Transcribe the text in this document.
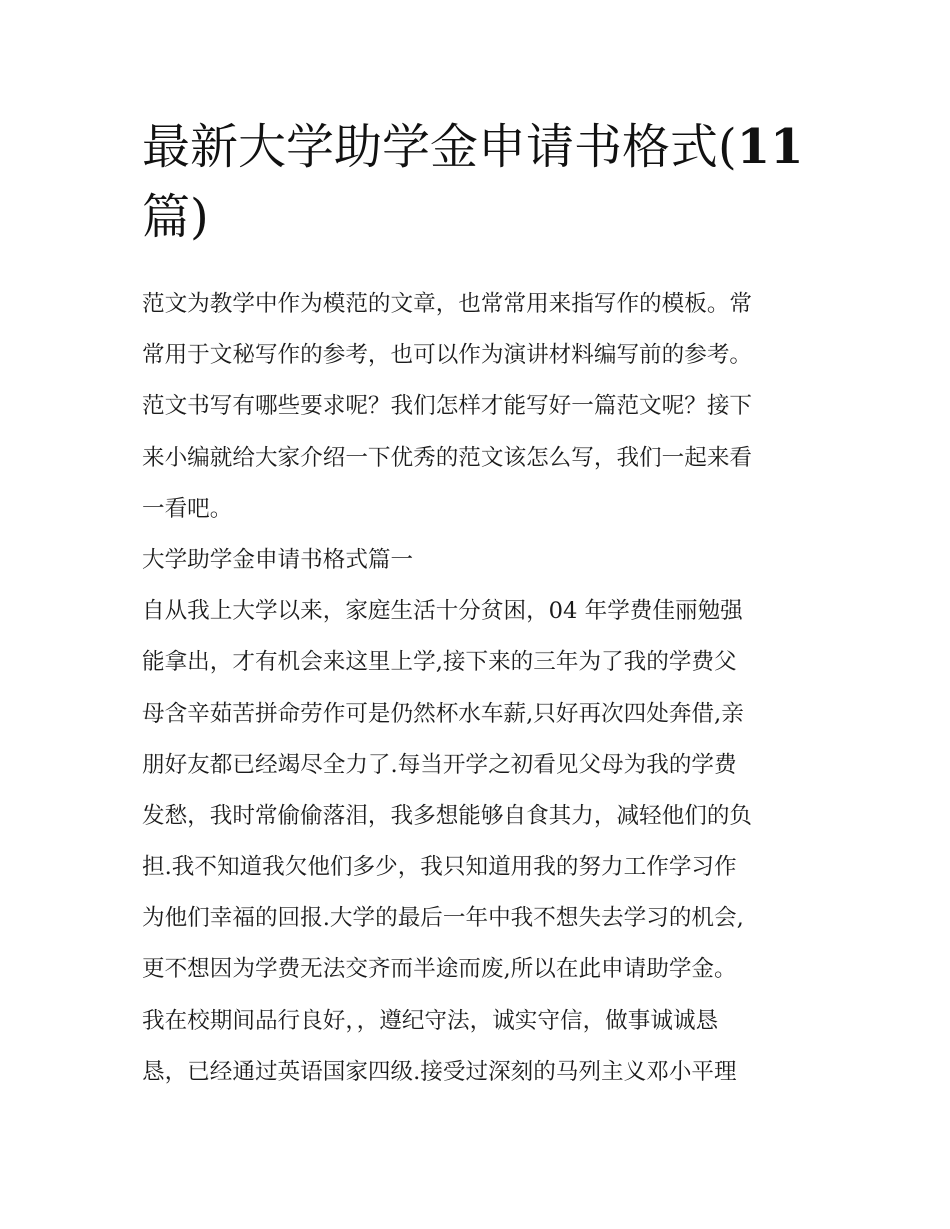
最新大学助学金申请书格式(11
篇)
范文为教学中作为模范的文章，也常常用来指写作的模板。常
常用于文秘写作的参考，也可以作为演讲材料编写前的参考。
范文书写有哪些要求呢？我们怎样才能写好一篇范文呢？接下
来小编就给大家介绍一下优秀的范文该怎么写，我们一起来看
一看吧。
大学助学金申请书格式篇一
自从我上大学以来，家庭生活十分贫困，04 年学费佳丽勉强
能拿出，才有机会来这里上学,接下来的三年为了我的学费父
母含辛茹苦拼命劳作可是仍然杯水车薪,只好再次四处奔借,亲
朋好友都已经竭尽全力了.每当开学之初看见父母为我的学费
发愁，我时常偷偷落泪，我多想能够自食其力，减轻他们的负
担.我不知道我欠他们多少，我只知道用我的努力工作学习作
为他们幸福的回报.大学的最后一年中我不想失去学习的机会,
更不想因为学费无法交齐而半途而废,所以在此申请助学金。
我在校期间品行良好，，遵纪守法，诚实守信，做事诚诚恳
恳，已经通过英语国家四级.接受过深刻的马列主义邓小平理
